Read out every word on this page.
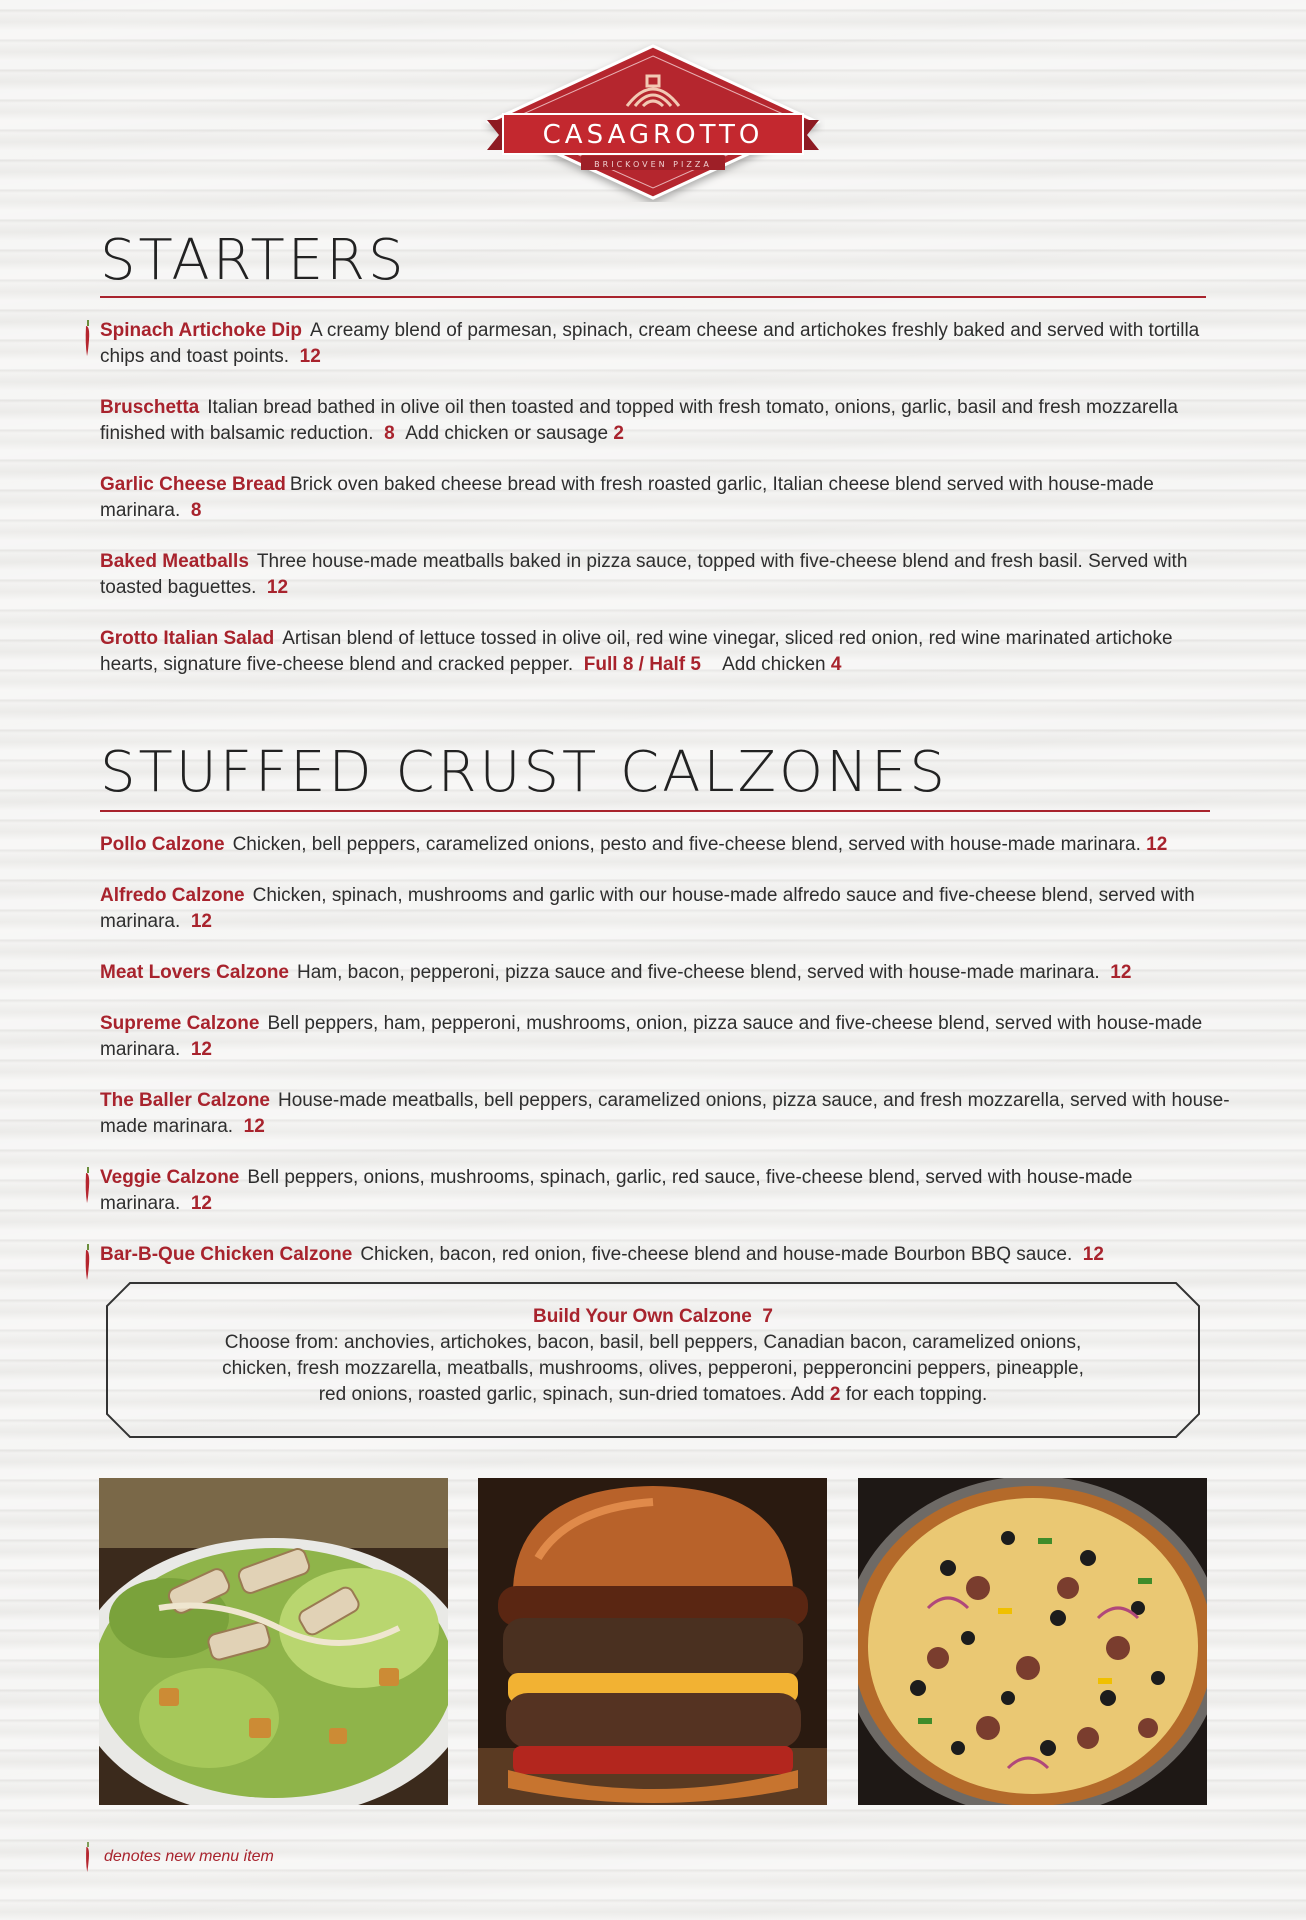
CASAGROTTO
BRICKOVEN PIZZA
STARTERS
Spinach Artichoke Dip A creamy blend of parmesan, spinach, cream cheese and artichokes freshly baked and served with tortilla chips and toast points. 12
Bruschetta Italian bread bathed in olive oil then toasted and topped with fresh tomato, onions, garlic, basil and fresh mozzarella finished with balsamic reduction. 8 Add chicken or sausage 2
Garlic Cheese Bread Brick oven baked cheese bread with fresh roasted garlic, Italian cheese blend served with house-made marinara. 8
Baked Meatballs Three house-made meatballs baked in pizza sauce, topped with five-cheese blend and fresh basil. Served with toasted baguettes. 12
Grotto Italian Salad Artisan blend of lettuce tossed in olive oil, red wine vinegar, sliced red onion, red wine marinated artichoke hearts, signature five-cheese blend and cracked pepper. Full 8 / Half 5 Add chicken 4
STUFFED CRUST CALZONES
Pollo Calzone Chicken, bell peppers, caramelized onions, pesto and five-cheese blend, served with house-made marinara. 12
Alfredo Calzone Chicken, spinach, mushrooms and garlic with our house-made alfredo sauce and five-cheese blend, served with marinara. 12
Meat Lovers Calzone Ham, bacon, pepperoni, pizza sauce and five-cheese blend, served with house-made marinara. 12
Supreme Calzone Bell peppers, ham, pepperoni, mushrooms, onion, pizza sauce and five-cheese blend, served with house-made marinara. 12
The Baller Calzone House-made meatballs, bell peppers, caramelized onions, pizza sauce, and fresh mozzarella, served with house-made marinara. 12
Veggie Calzone Bell peppers, onions, mushrooms, spinach, garlic, red sauce, five-cheese blend, served with house-made marinara. 12
Bar-B-Que Chicken Calzone Chicken, bacon, red onion, five-cheese blend and house-made Bourbon BBQ sauce. 12
Build Your Own Calzone 7
Choose from: anchovies, artichokes, bacon, basil, bell peppers, Canadian bacon, caramelized onions,
chicken, fresh mozzarella, meatballs, mushrooms, olives, pepperoni, pepperoncini peppers, pineapple,
red onions, roasted garlic, spinach, sun-dried tomatoes. Add 2 for each topping.
denotes new menu item
